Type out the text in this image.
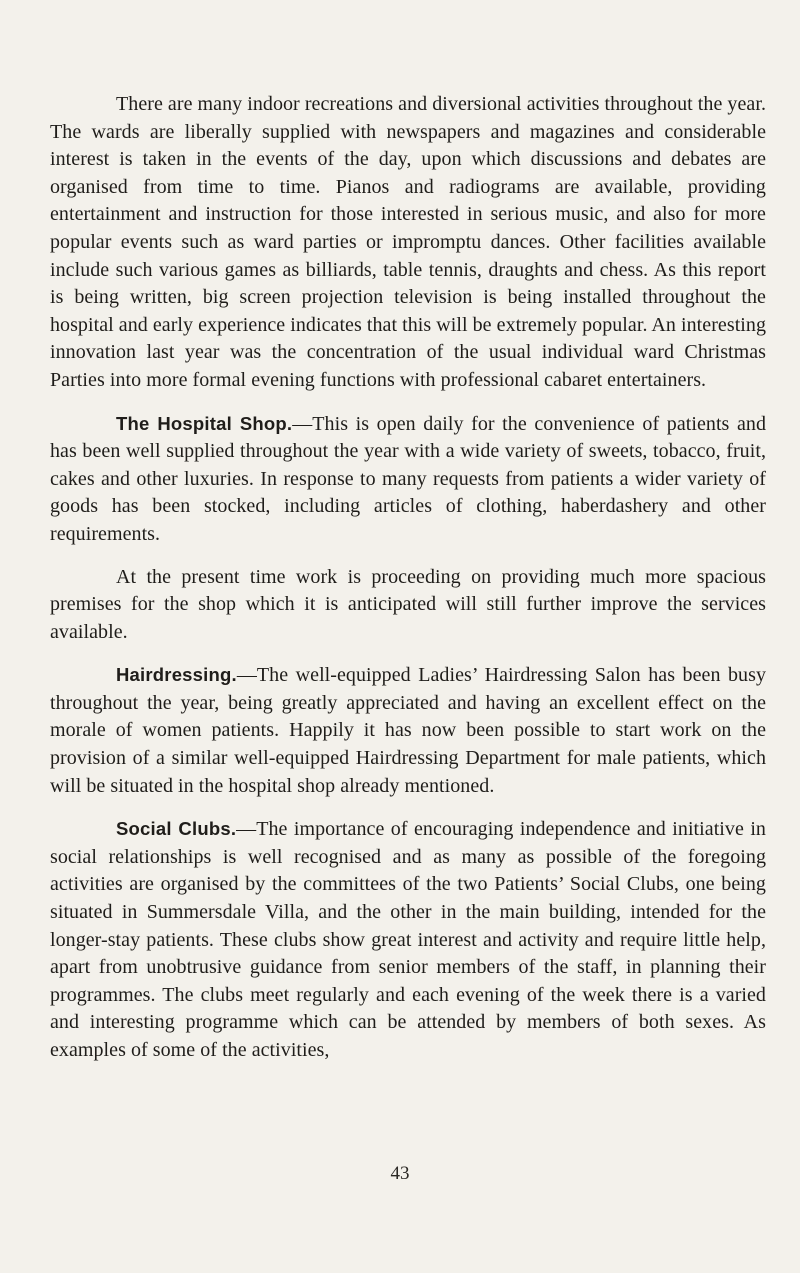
There are many indoor recreations and diversional activities throughout the year. The wards are liberally supplied with newspapers and magazines and considerable interest is taken in the events of the day, upon which discussions and debates are organised from time to time. Pianos and radiograms are available, providing entertainment and instruction for those interested in serious music, and also for more popular events such as ward parties or impromptu dances. Other facilities available include such various games as billiards, table tennis, draughts and chess. As this report is being written, big screen projection television is being installed throughout the hospital and early experience indicates that this will be extremely popular. An interesting innovation last year was the concentration of the usual individual ward Christmas Parties into more formal evening functions with professional cabaret entertainers.

The Hospital Shop.—This is open daily for the convenience of patients and has been well supplied throughout the year with a wide variety of sweets, tobacco, fruit, cakes and other luxuries. In response to many requests from patients a wider variety of goods has been stocked, including articles of clothing, haberdashery and other requirements.

At the present time work is proceeding on providing much more spacious premises for the shop which it is anticipated will still further improve the services available.

Hairdressing.—The well-equipped Ladies’ Hairdressing Salon has been busy throughout the year, being greatly appreciated and having an excellent effect on the morale of women patients. Happily it has now been possible to start work on the provision of a similar well-equipped Hairdressing Department for male patients, which will be situated in the hospital shop already mentioned.

Social Clubs.—The importance of encouraging independence and initiative in social relationships is well recognised and as many as possible of the foregoing activities are organised by the committees of the two Patients’ Social Clubs, one being situated in Summersdale Villa, and the other in the main building, intended for the longer-stay patients. These clubs show great interest and activity and require little help, apart from unobtrusive guidance from senior members of the staff, in planning their programmes. The clubs meet regularly and each evening of the week there is a varied and interesting programme which can be attended by members of both sexes. As examples of some of the activities,

43
